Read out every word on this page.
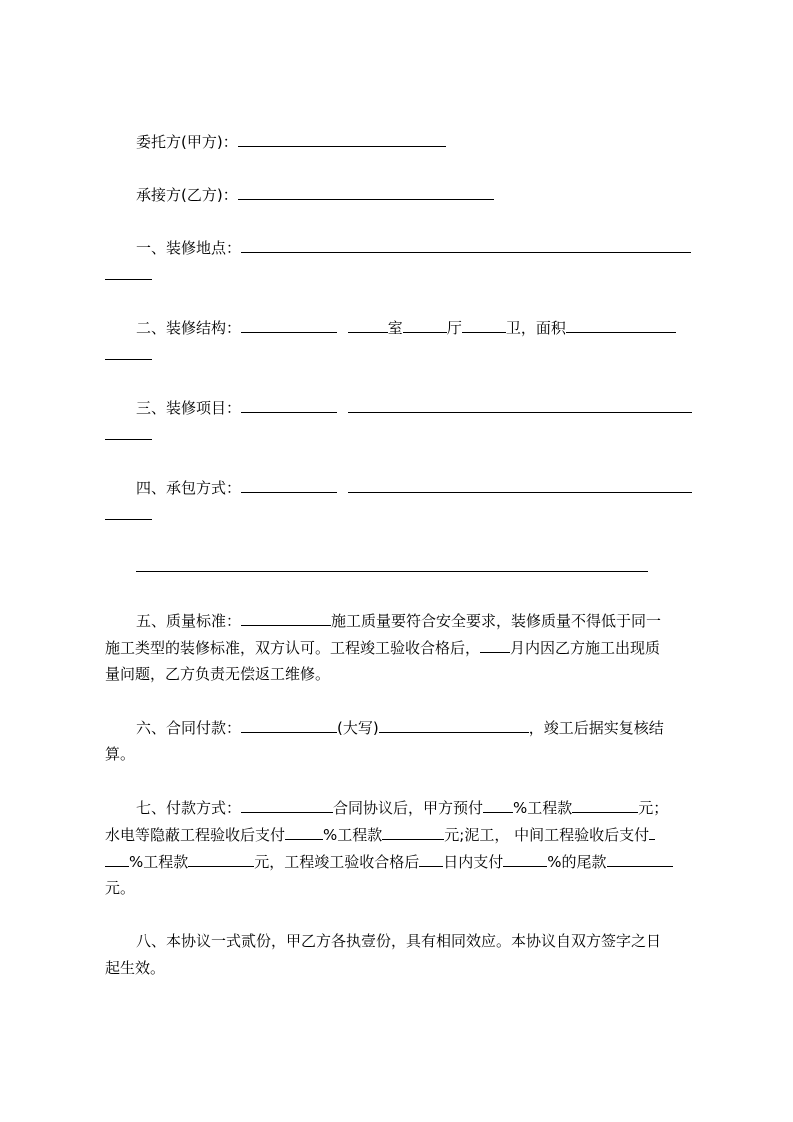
委托方(甲方)：
承接方(乙方)：
一、装修地点：
二、装修结构：	室	厅	卫，面积
三、装修项目：
四、承包方式：
五、质量标准：	施工质量要符合安全要求，装修质量不得低于同一
施工类型的装修标准，双方认可。工程竣工验收合格后， 月内因乙方施工出现质
量问题，乙方负责无偿返工维修。
六、合同付款：	(大写)	，竣工后据实复核结
算。
七、付款方式：	合同协议后，甲方预付 %工程款	元；
水电等隐蔽工程验收后支付	%工程款	元;泥工， 中间工程验收后支付
%工程款	元，工程竣工验收合格后 日内支付	%的尾款
元。
八、本协议一式贰份，甲乙方各执壹份，具有相同效应。本协议自双方签字之日
起生效。
